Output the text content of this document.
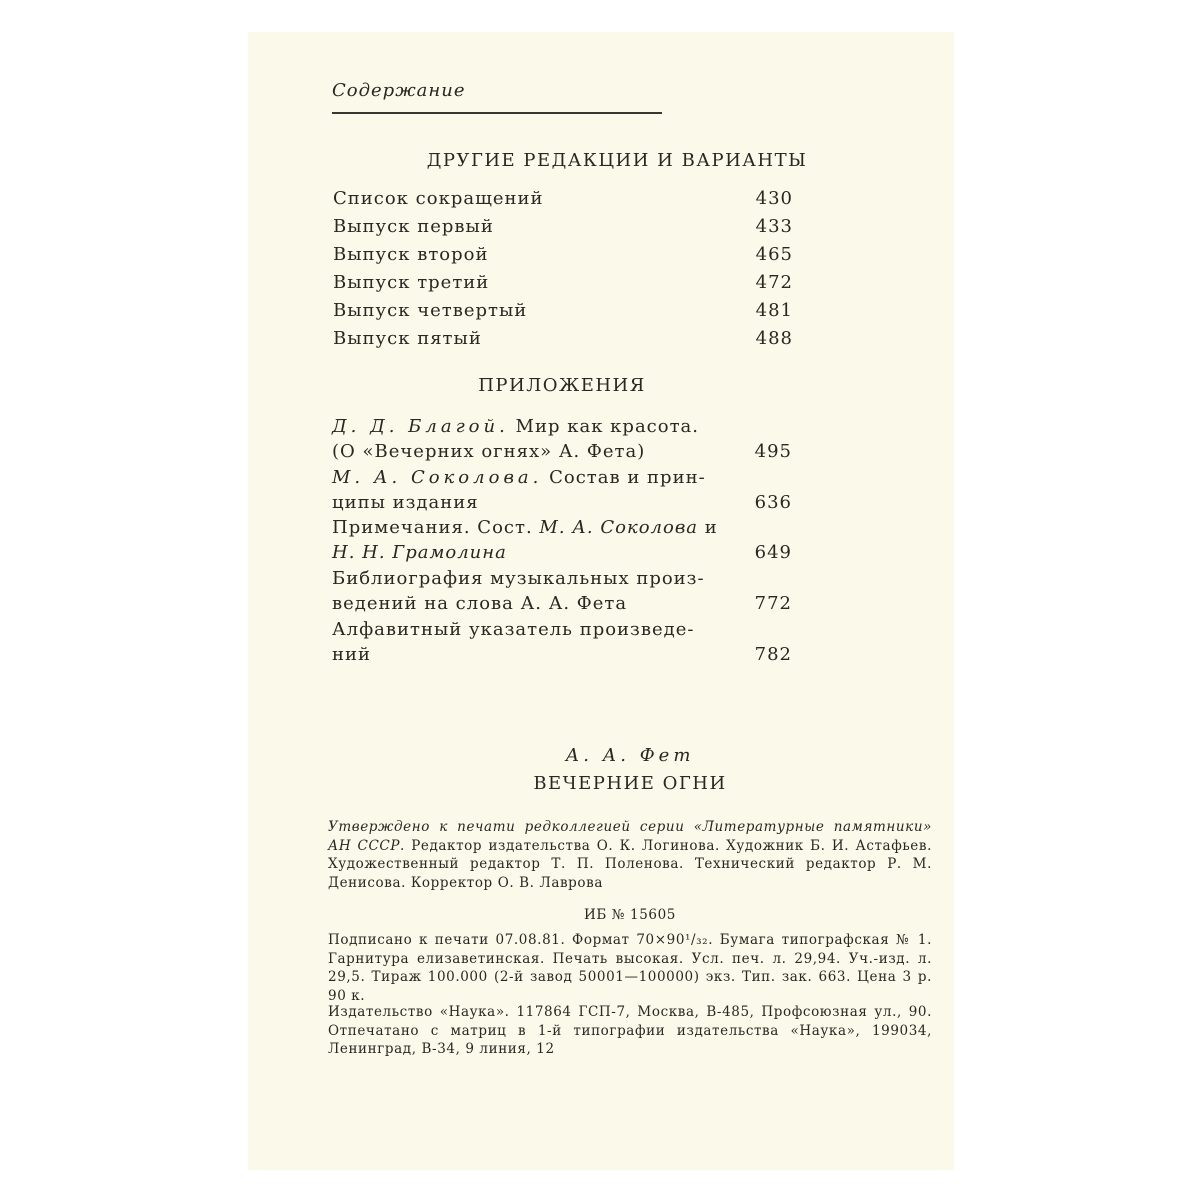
Содержание
ДРУГИЕ РЕДАКЦИИ И ВАРИАНТЫ
Список сокращений	430
Выпуск первый	433
Выпуск второй	465
Выпуск третий	472
Выпуск четвертый	481
Выпуск пятый	488
ПРИЛОЖЕНИЯ
Д. Д. Благой. Мир как красота.
(О «Вечерних огнях» А. Фета)	495
М. А. Соколова. Состав и прин-
ципы издания	636
Примечания. Сост. М. А. Соколова и
Н. Н. Грамолина	649
Библиография музыкальных произ-
ведений на слова А. А. Фета	772
Алфавитный указатель произведе-
ний	782
А. А. Фет
ВЕЧЕРНИЕ ОГНИ
Утверждено к печати редколлегией серии «Литературные памятники» АН СССР. Редактор издательства О. К. Логинова. Художник Б. И. Астафьев. Художественный редактор Т. П. Поленова. Технический редактор Р. М. Денисова. Корректор О. В. Лаврова
ИБ № 15605
Подписано к печати 07.08.81. Формат 70×90¹/₃₂. Бумага типографская № 1. Гарнитура елизаветинская. Печать высокая. Усл. печ. л. 29,94. Уч.-изд. л. 29,5. Тираж 100.000 (2-й завод 50001—100000) экз. Тип. зак. 663. Цена 3 р. 90 к.
Издательство «Наука». 117864 ГСП-7, Москва, В-485, Профсоюзная ул., 90. Отпечатано с матриц в 1-й типографии издательства «Наука», 199034, Ленинград, В-34, 9 линия, 12
